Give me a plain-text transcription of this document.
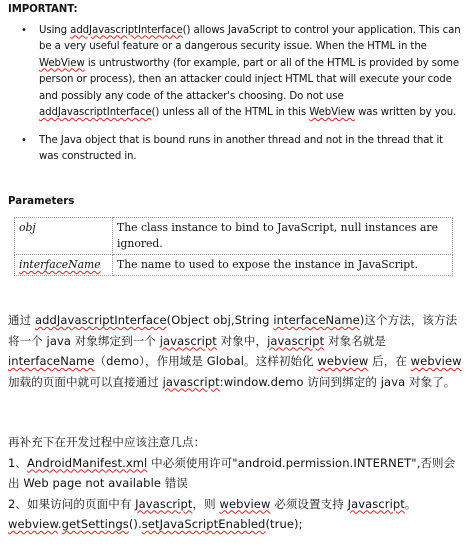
IMPORTANT:
• Using addJavascriptInterface() allows JavaScript to control your application. This can be a very useful feature or a dangerous security issue. When the HTML in the WebView is untrustworthy (for example, part or all of the HTML is provided by some person or process), then an attacker could inject HTML that will execute your code and possibly any code of the attacker's choosing. Do not use addJavascriptInterface() unless all of the HTML in this WebView was written by you.
• The Java object that is bound runs in another thread and not in the thread that it was constructed in.
Parameters
obj	The class instance to bind to JavaScript, null instances are ignored.
interfaceName	The name to used to expose the instance in JavaScript.

通过 addJavascriptInterface(Object obj,String interfaceName)这个方法，该方法将一个 java 对象绑定到一个 javascript 对象中，javascript 对象名就是 interfaceName（demo），作用域是 Global。这样初始化 webview 后，在 webview 加载的页面中就可以直接通过 javascript:window.demo 访问到绑定的 java 对象了。

再补充下在开发过程中应该注意几点：

1、AndroidManifest.xml 中必须使用许可"android.permission.INTERNET",否则会出 Web page not available 错误

2、如果访问的页面中有 Javascript，则 webview 必须设置支持 Javascript。webview.getSettings().setJavaScriptEnabled(true);
